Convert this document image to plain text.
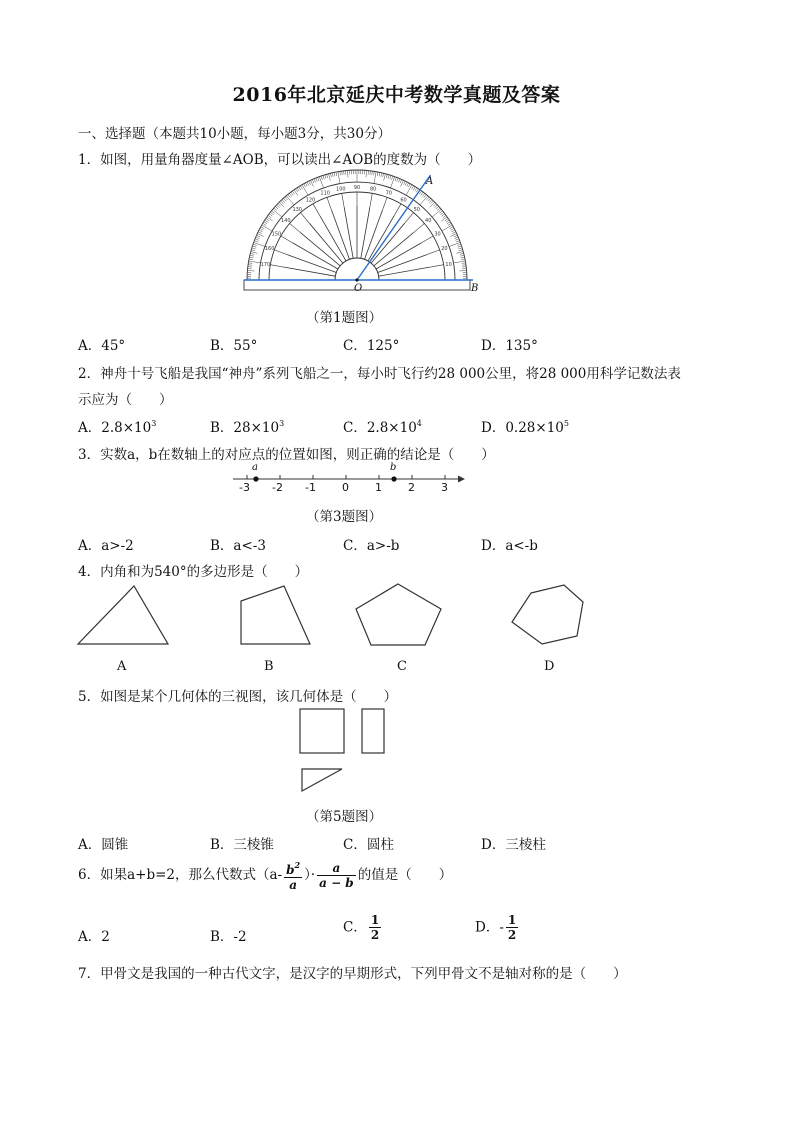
2016年北京延庆中考数学真题及答案
一、选择题（本题共10小题，每小题3分，共30分）
1．如图，用量角器度量∠AOB，可以读出∠AOB的度数为（　　）
10
20
30
40
50
60
70
80
90
100
110
120
130
140
150
160
170
A
O	B
（第1题图）
A．45°	B．55°	C．125°	D．135°
2．神舟十号飞船是我国“神舟”系列飞船之一，每小时飞行约28 000公里，将28 000用科学记数法表
示应为（　　）
A．$2.8\times 10^3$	B．$28\times 10^3$	C．$2.8\times 10^4$	D．$0.28\times 10^5$
3．实数a，b在数轴上的对应点的位置如图，则正确的结论是（　　）
a	b
-3 -2 -1 0 1 2 3
（第3题图）
A．a>-2	B．a<-3	C．a>-b	D．a<-b
4．内角和为540°的多边形是（　　）
A	B	C	D
5．如图是某个几何体的三视图，该几何体是（　　）
（第5题图）
A．圆锥	B．三棱锥	C．圆柱	D．三棱柱
6．如果a+b=2，那么代数式（$a- \frac{b^2}{a}$ ）· $\frac{a}{a - b}$ 的值是（　　）
A．2	B．-2
C． $\frac{1}{2}$	D．- $\frac{1}{2}$
7．甲骨文是我国的一种古代文字，是汉字的早期形式，下列甲骨文不是轴对称的是（　　）
